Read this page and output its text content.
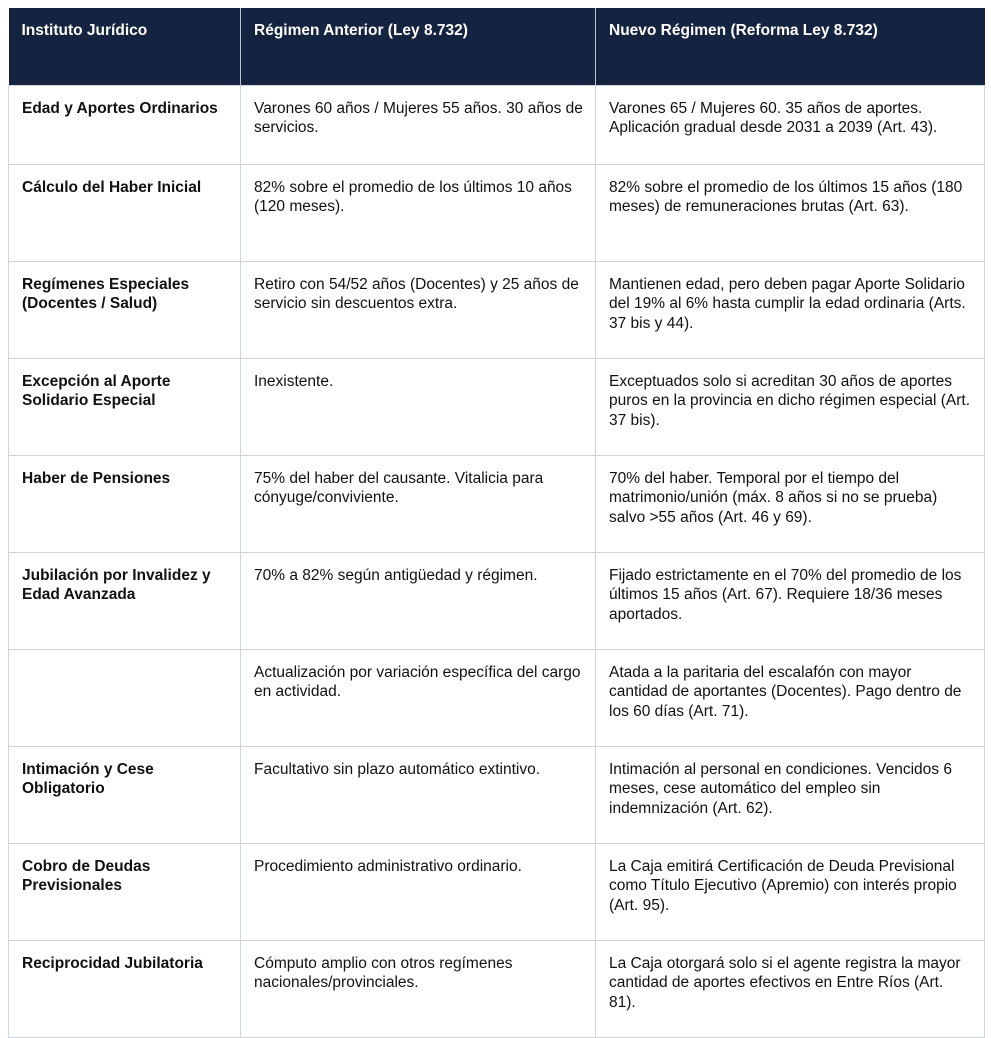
Instituto Jurídico	Régimen Anterior (Ley 8.732)	Nuevo Régimen (Reforma Ley 8.732)
Edad y Aportes Ordinarios	Varones 60 años / Mujeres 55 años. 30 años de servicios.	Varones 65 / Mujeres 60. 35 años de aportes. Aplicación gradual desde 2031 a 2039 (Art. 43).
Cálculo del Haber Inicial	82% sobre el promedio de los últimos 10 años (120 meses).	82% sobre el promedio de los últimos 15 años (180 meses) de remuneraciones brutas (Art. 63).
Regímenes Especiales (Docentes / Salud)	Retiro con 54/52 años (Docentes) y 25 años de servicio sin descuentos extra.	Mantienen edad, pero deben pagar Aporte Solidario del 19% al 6% hasta cumplir la edad ordinaria (Arts. 37 bis y 44).
Excepción al Aporte Solidario Especial	Inexistente.	Exceptuados solo si acreditan 30 años de aportes puros en la provincia en dicho régimen especial (Art. 37 bis).
Haber de Pensiones	75% del haber del causante. Vitalicia para cónyuge/conviviente.	70% del haber. Temporal por el tiempo del matrimonio/unión (máx. 8 años si no se prueba) salvo >55 años (Art. 46 y 69).
Jubilación por Invalidez y Edad Avanzada	70% a 82% según antigüedad y régimen.	Fijado estrictamente en el 70% del promedio de los últimos 15 años (Art. 67). Requiere 18/36 meses aportados.
	Actualización por variación específica del cargo en actividad.	Atada a la paritaria del escalafón con mayor cantidad de aportantes (Docentes). Pago dentro de los 60 días (Art. 71).
Intimación y Cese Obligatorio	Facultativo sin plazo automático extintivo.	Intimación al personal en condiciones. Vencidos 6 meses, cese automático del empleo sin indemnización (Art. 62).
Cobro de Deudas Previsionales	Procedimiento administrativo ordinario.	La Caja emitirá Certificación de Deuda Previsional como Título Ejecutivo (Apremio) con interés propio (Art. 95).
Reciprocidad Jubilatoria	Cómputo amplio con otros regímenes nacionales/provinciales.	La Caja otorgará solo si el agente registra la mayor cantidad de aportes efectivos en Entre Ríos (Art. 81).
